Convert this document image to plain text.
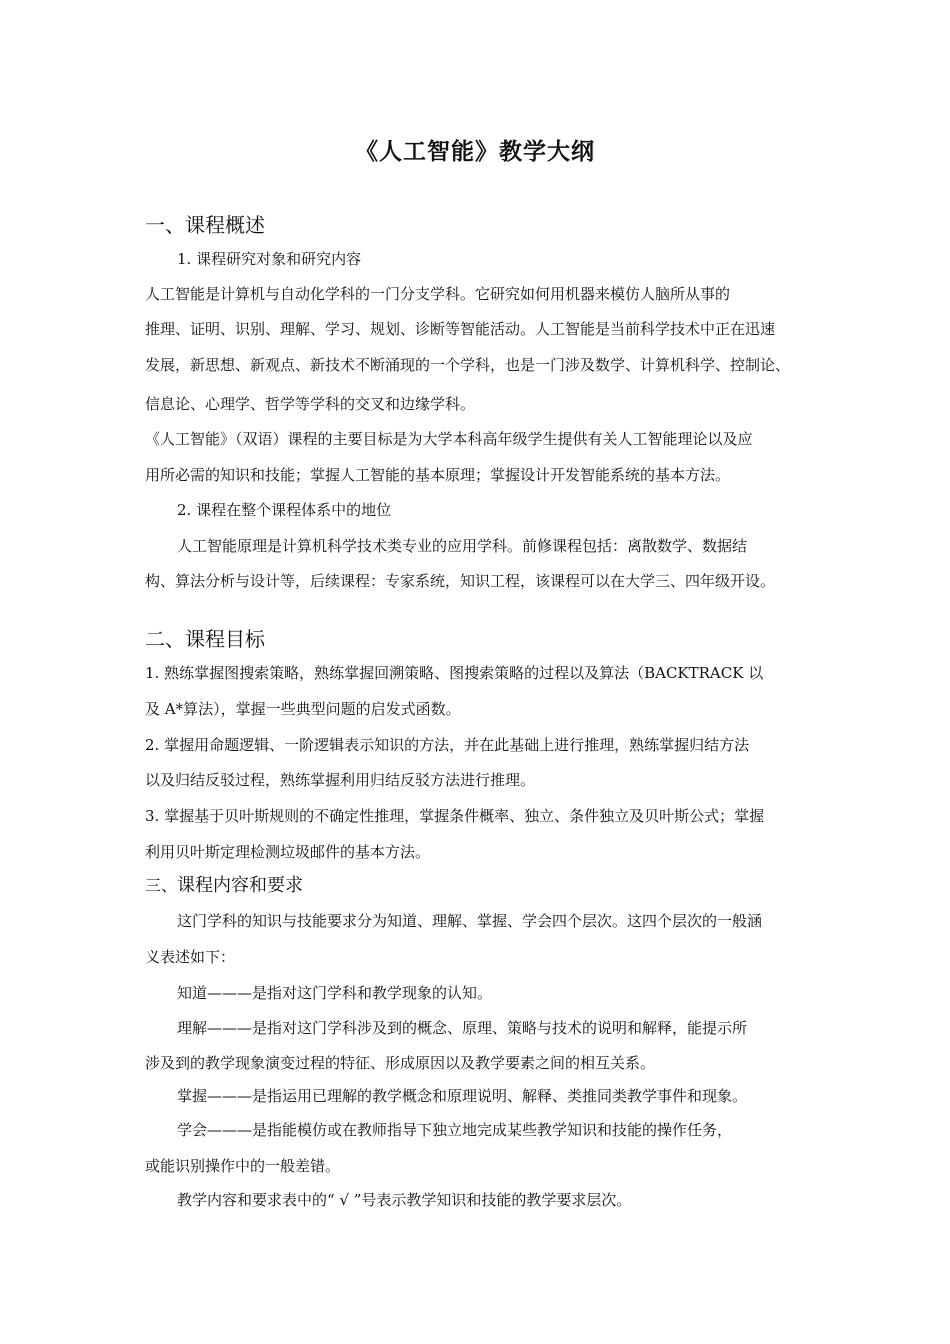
《人工智能》教学大纲
一、课程概述
1. 课程研究对象和研究内容
人工智能是计算机与自动化学科的一门分支学科。它研究如何用机器来模仿人脑所从事的
推理、证明、识别、理解、学习、规划、诊断等智能活动。人工智能是当前科学技术中正在迅速
发展，新思想、新观点、新技术不断涌现的一个学科，也是一门涉及数学、计算机科学、控制论、
信息论、心理学、哲学等学科的交叉和边缘学科。
《人工智能》（双语）课程的主要目标是为大学本科高年级学生提供有关人工智能理论以及应
用所必需的知识和技能；掌握人工智能的基本原理；掌握设计开发智能系统的基本方法。
2. 课程在整个课程体系中的地位
人工智能原理是计算机科学技术类专业的应用学科。前修课程包括：离散数学、数据结
构、算法分析与设计等，后续课程：专家系统，知识工程，该课程可以在大学三、四年级开设。
二、课程目标
1. 熟练掌握图搜索策略，熟练掌握回溯策略、图搜索策略的过程以及算法（BACKTRACK 以
及 A*算法），掌握一些典型问题的启发式函数。
2. 掌握用命题逻辑、一阶逻辑表示知识的方法，并在此基础上进行推理，熟练掌握归结方法
以及归结反驳过程，熟练掌握利用归结反驳方法进行推理。
3. 掌握基于贝叶斯规则的不确定性推理，掌握条件概率、独立、条件独立及贝叶斯公式；掌握
利用贝叶斯定理检测垃圾邮件的基本方法。
三、课程内容和要求
这门学科的知识与技能要求分为知道、理解、掌握、学会四个层次。这四个层次的一般涵
义表述如下：
知道———是指对这门学科和教学现象的认知。
理解———是指对这门学科涉及到的概念、原理、策略与技术的说明和解释，能提示所
涉及到的教学现象演变过程的特征、形成原因以及教学要素之间的相互关系。
掌握———是指运用已理解的教学概念和原理说明、解释、类推同类教学事件和现象。
学会———是指能模仿或在教师指导下独立地完成某些教学知识和技能的操作任务，
或能识别操作中的一般差错。
教学内容和要求表中的“ √ ”号表示教学知识和技能的教学要求层次。
